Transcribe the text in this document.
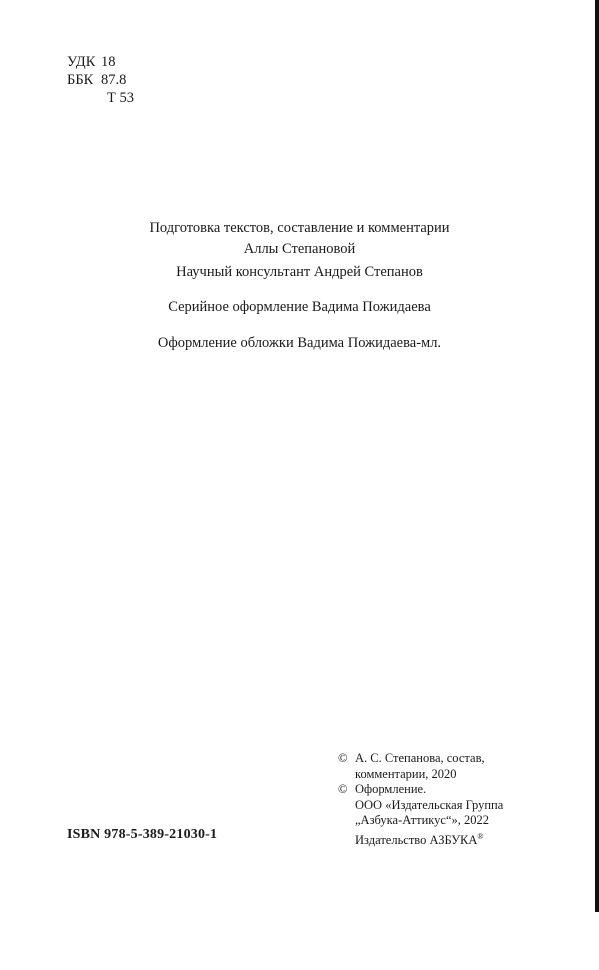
УДК 18
ББК 87.8
Т 53
Подготовка текстов, составление и комментарии
Аллы Степановой
Научный консультант Андрей Степанов
Серийное оформление Вадима Пожидаева
Оформление обложки Вадима Пожидаева-мл.
© А. С. Степанова, состав,
комментарии, 2020
© Оформление.
ООО «Издательская Группа
„Азбука-Аттикус“», 2022
Издательство АЗБУКА®
ISBN 978-5-389-21030-1
